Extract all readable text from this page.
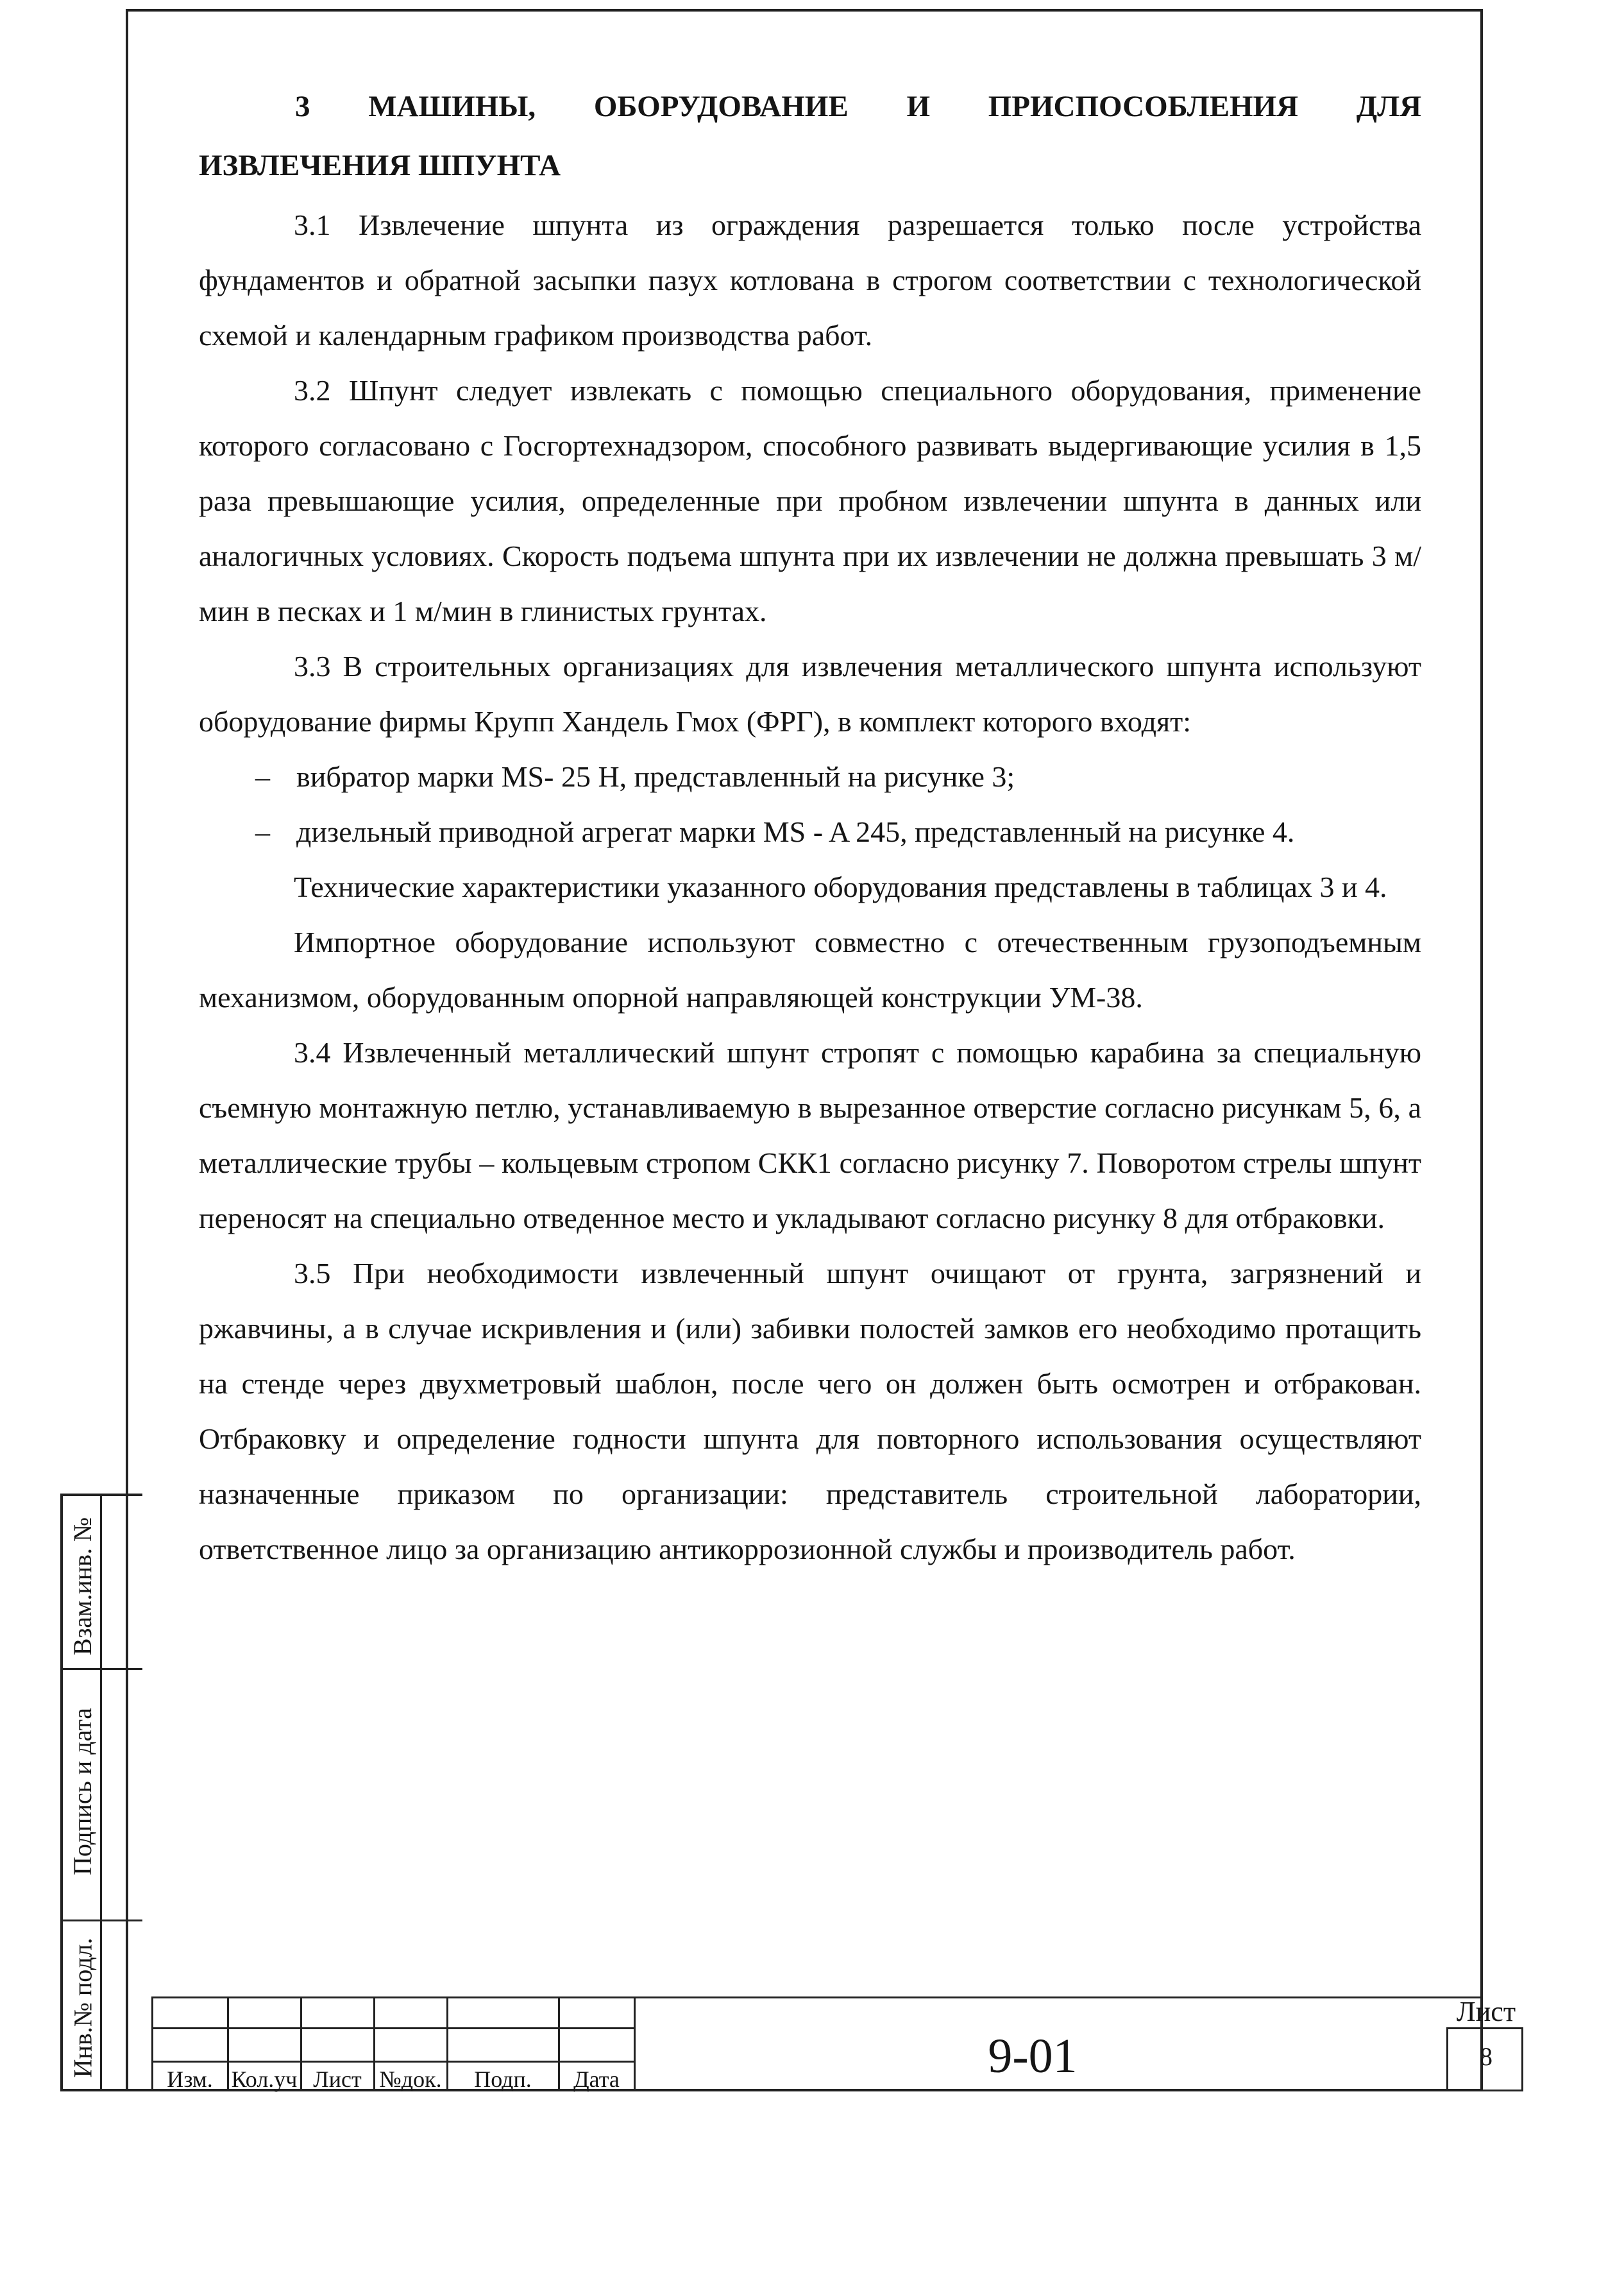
3 МАШИНЫ, ОБОРУДОВАНИЕ И ПРИСПОСОБЛЕНИЯ ДЛЯ
ИЗВЛЕЧЕНИЯ ШПУНТА

3.1 Извлечение шпунта из ограждения разрешается только после устройства фундаментов и обратной засыпки пазух котлована в строгом соответствии с технологической схемой и календарным графиком производства работ.

3.2 Шпунт следует извлекать с помощью специального оборудования, применение которого согласовано с Госгортехнадзором, способного развивать выдергивающие усилия в 1,5 раза превышающие усилия, определенные при пробном извлечении шпунта в данных или аналогичных условиях. Скорость подъема шпунта при их извлечении не должна превышать 3 м/мин в песках и 1 м/мин в глинистых грунтах.

3.3 В строительных организациях для извлечения металлического шпунта используют оборудование фирмы Крупп Хандель Гмох (ФРГ), в комплект которого входят:

– вибратор марки MS- 25 H, представленный на рисунке 3;
– дизельный приводной агрегат марки MS - A 245, представленный на рисунке 4.

Технические характеристики указанного оборудования представлены в таблицах 3 и 4.

Импортное оборудование используют совместно с отечественным грузоподъемным механизмом, оборудованным опорной направляющей конструкции УМ-38.

3.4 Извлеченный металлический шпунт стропят с помощью карабина за специальную съемную монтажную петлю, устанавливаемую в вырезанное отверстие согласно рисункам 5, 6, а металлические трубы – кольцевым стропом СКК1 согласно рисунку 7. Поворотом стрелы шпунт переносят на специально отведенное место и укладывают согласно рисунку 8 для отбраковки.

3.5 При необходимости извлеченный шпунт очищают от грунта, загрязнений и ржавчины, а в случае искривления и (или) забивки полостей замков его необходимо протащить на стенде через двухметровый шаблон, после чего он должен быть осмотрен и отбракован. Отбраковку и определение годности шпунта для повторного использования осуществляют назначенные приказом по организации: представитель строительной лаборатории, ответственное лицо за организацию антикоррозионной службы и производитель работ.

Взам.инв. №
Подпись и дата
Инв.№ подл.
Изм. Кол.уч Лист №док.	Подп.	Дата	9-01
Лист
8
